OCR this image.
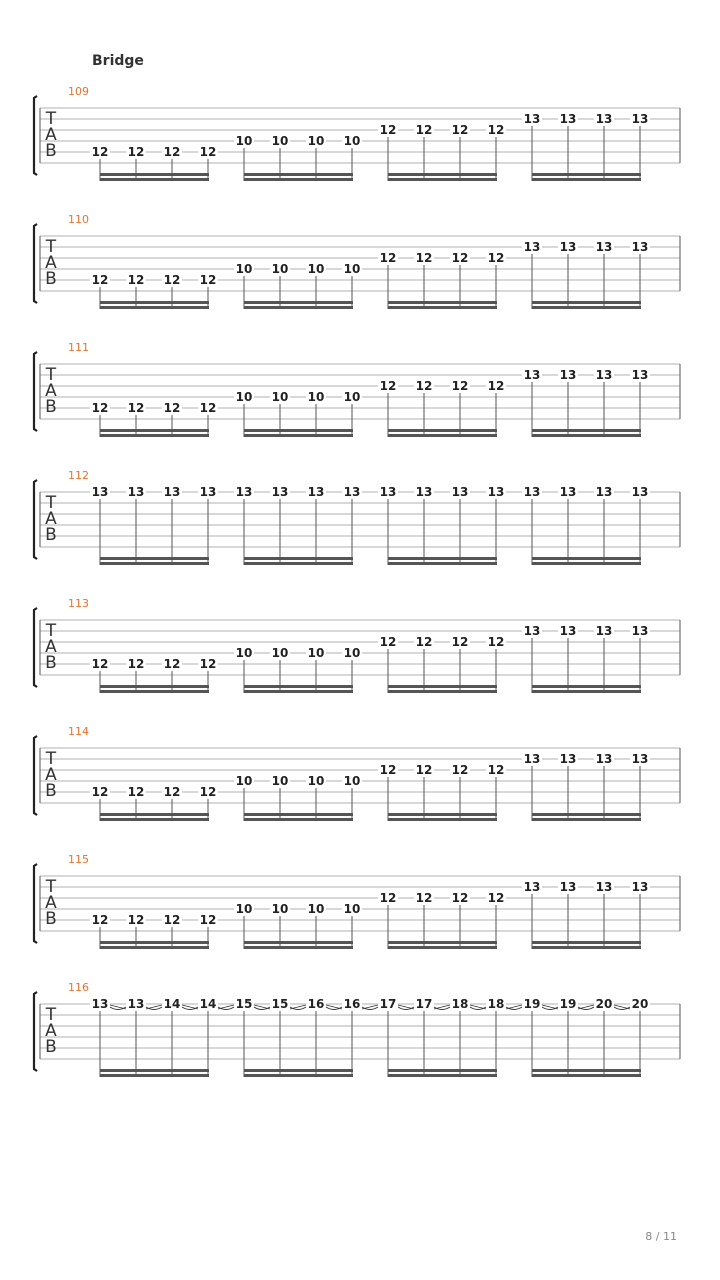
Bridge
109
T
A
B	12 12 12 12
10 10 10 10
12 12 12 12
13 13 13 13
110
T
A
B	12 12 12 12
10 10 10 10
12 12 12 12
13 13 13 13
111
T
A
B	12 12 12 12
10 10 10 10
12 12 12 12
13 13 13 13
112
T
A
B
13 13 13 13 13 13 13 13 13 13 13 13 13 13 13 13
113
T
A
B	12 12 12 12
10 10 10 10
12 12 12 12
13 13 13 13
114
T
A
B	12 12 12 12
10 10 10 10
12 12 12 12
13 13 13 13
115
T
A
B	12 12 12 12
10 10 10 10
12 12 12 12
13 13 13 13
116
T
A
B
13 13 14 14 15 15 16 16 17 17 18 18 19 19 20 20
8 / 11
